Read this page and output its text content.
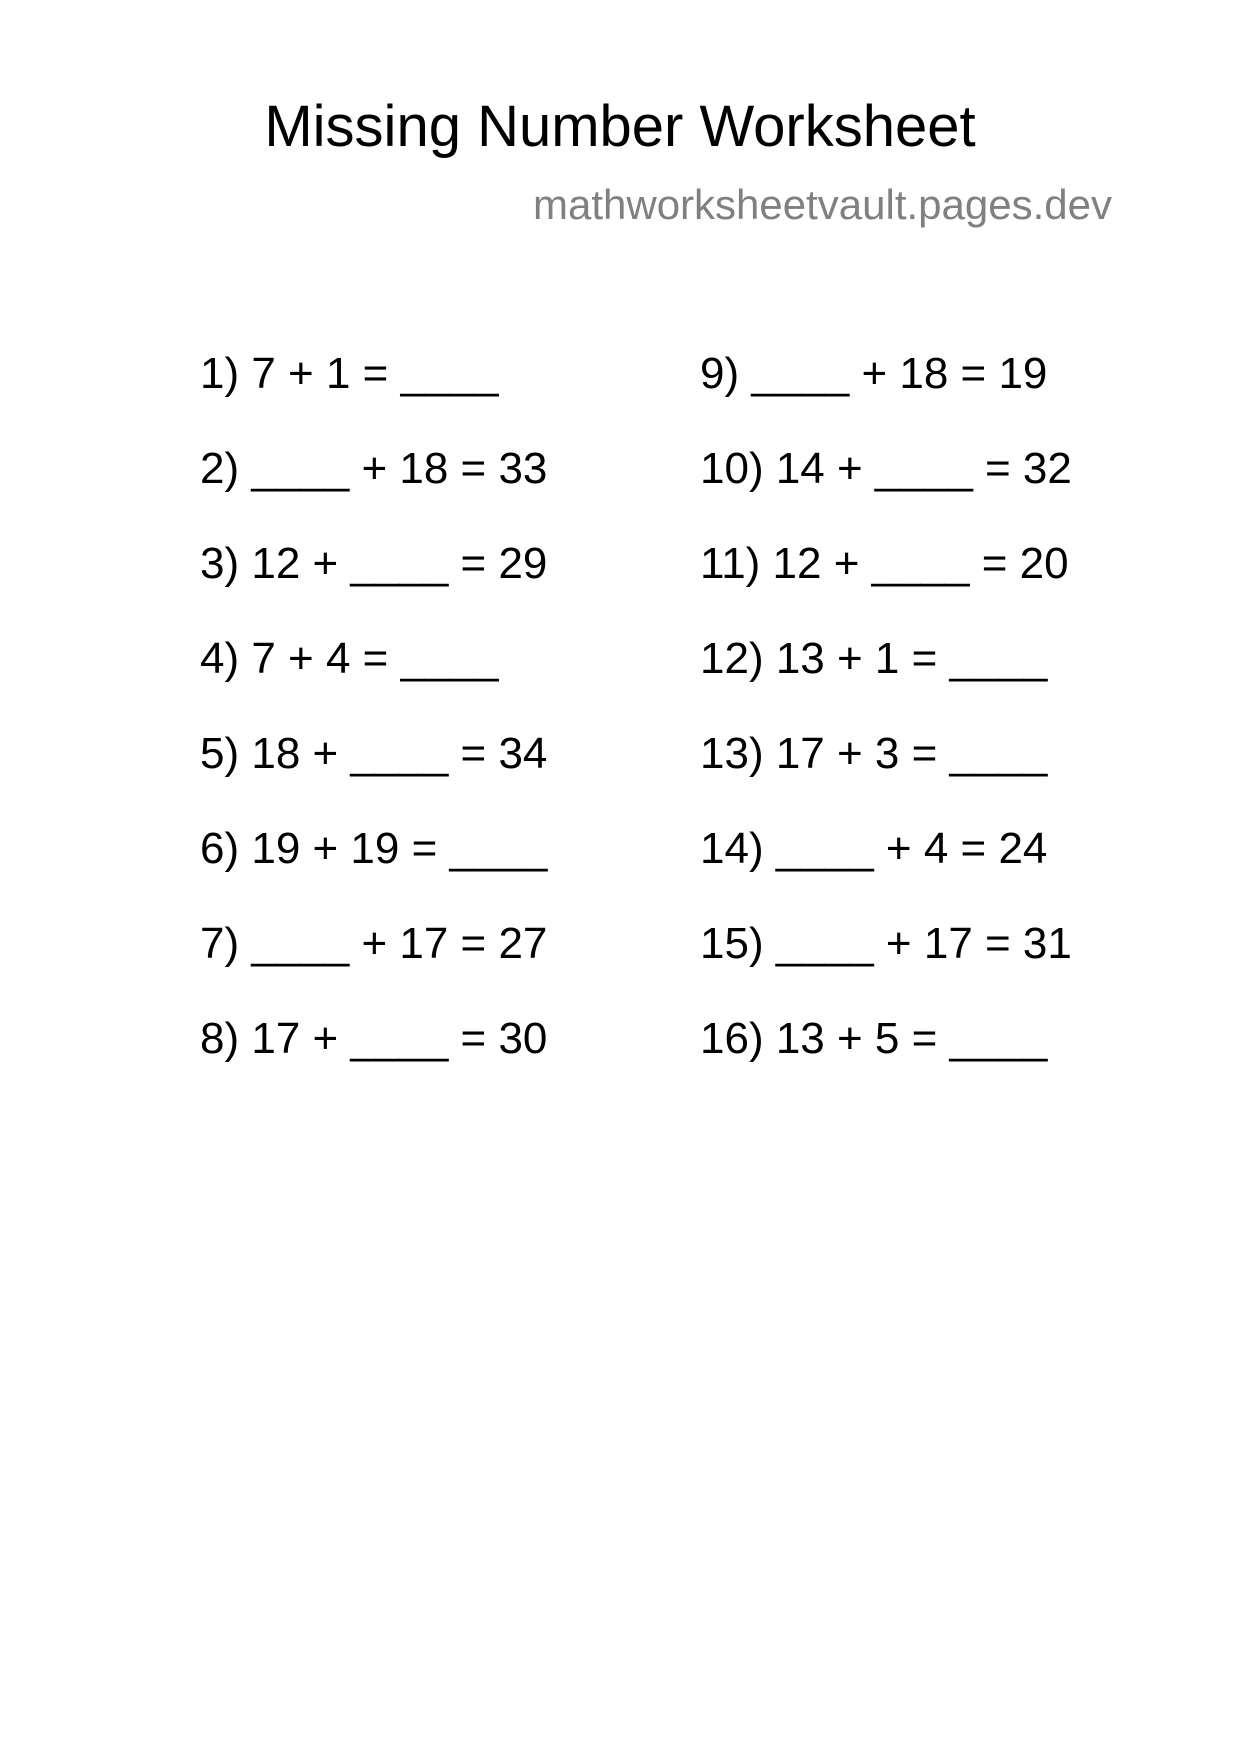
Missing Number Worksheet
mathworksheetvault.pages.dev
1) 7 + 1 = ____
2) ____ + 18 = 33
3) 12 + ____ = 29
4) 7 + 4 = ____
5) 18 + ____ = 34
6) 19 + 19 = ____
7) ____ + 17 = 27
8) 17 + ____ = 30
9) ____ + 18 = 19
10) 14 + ____ = 32
11) 12 + ____ = 20
12) 13 + 1 = ____
13) 17 + 3 = ____
14) ____ + 4 = 24
15) ____ + 17 = 31
16) 13 + 5 = ____
